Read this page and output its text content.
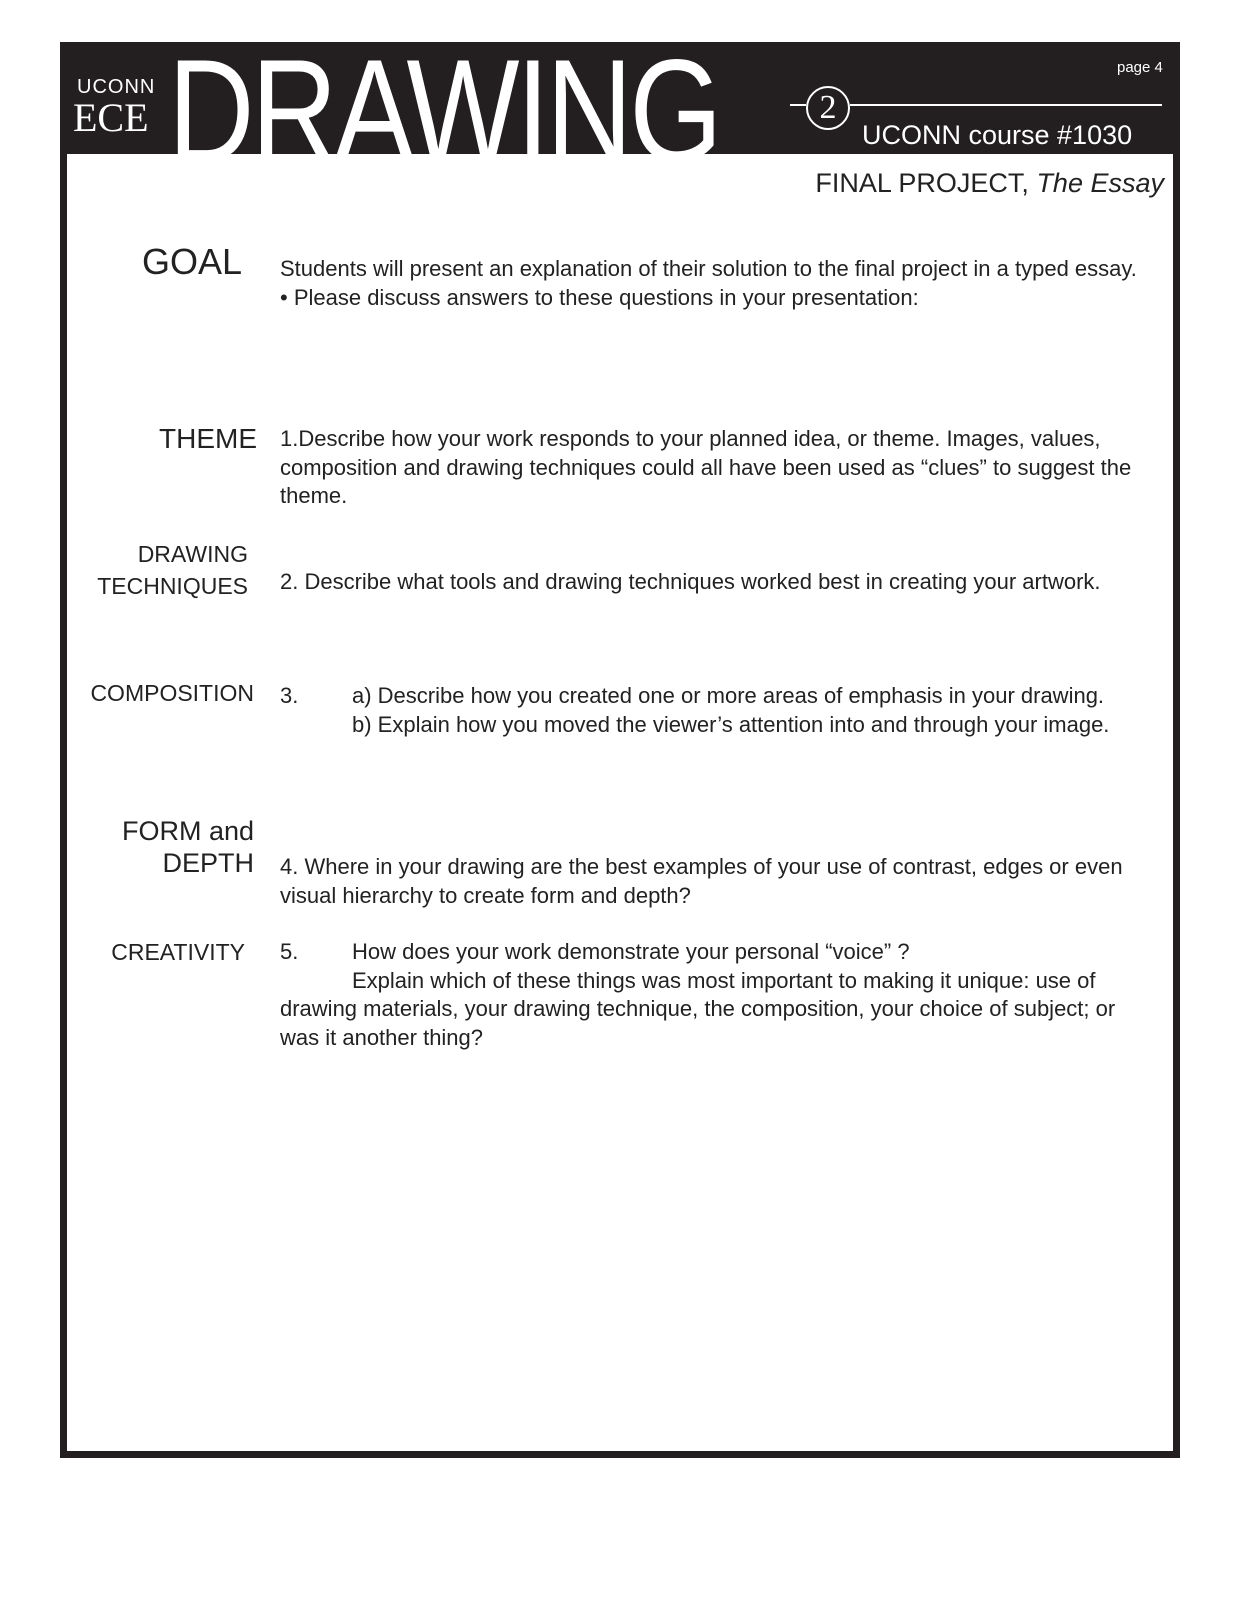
UCONN

ECE DRAWING	2

page 4

UCONN course #1030

FINAL PROJECT, The Essay

GOAL Students will present an explanation of their solution to the final project in a typed essay.
• Please discuss answers to these questions in your presentation:
THEME 1.Describe how your work responds to your planned idea, or theme. Images, values, composition and drawing techniques could all have been used as “clues” to suggest the theme.
DRAWING
TECHNIQUES 2. Describe what tools and drawing techniques worked best in creating your artwork.
COMPOSITION 3. a) Describe how you created one or more areas of emphasis in your drawing.
b) Explain how you moved the viewer’s attention into and through your image.
FORM and
DEPTH 4. Where in your drawing are the best examples of your use of contrast, edges or even visual hierarchy to create form and depth?
CREATIVITY 5. How does your work demonstrate your personal “voice” ?
Explain which of these things was most important to making it unique: use of drawing materials, your drawing technique, the composition, your choice of subject; or was it another thing?
